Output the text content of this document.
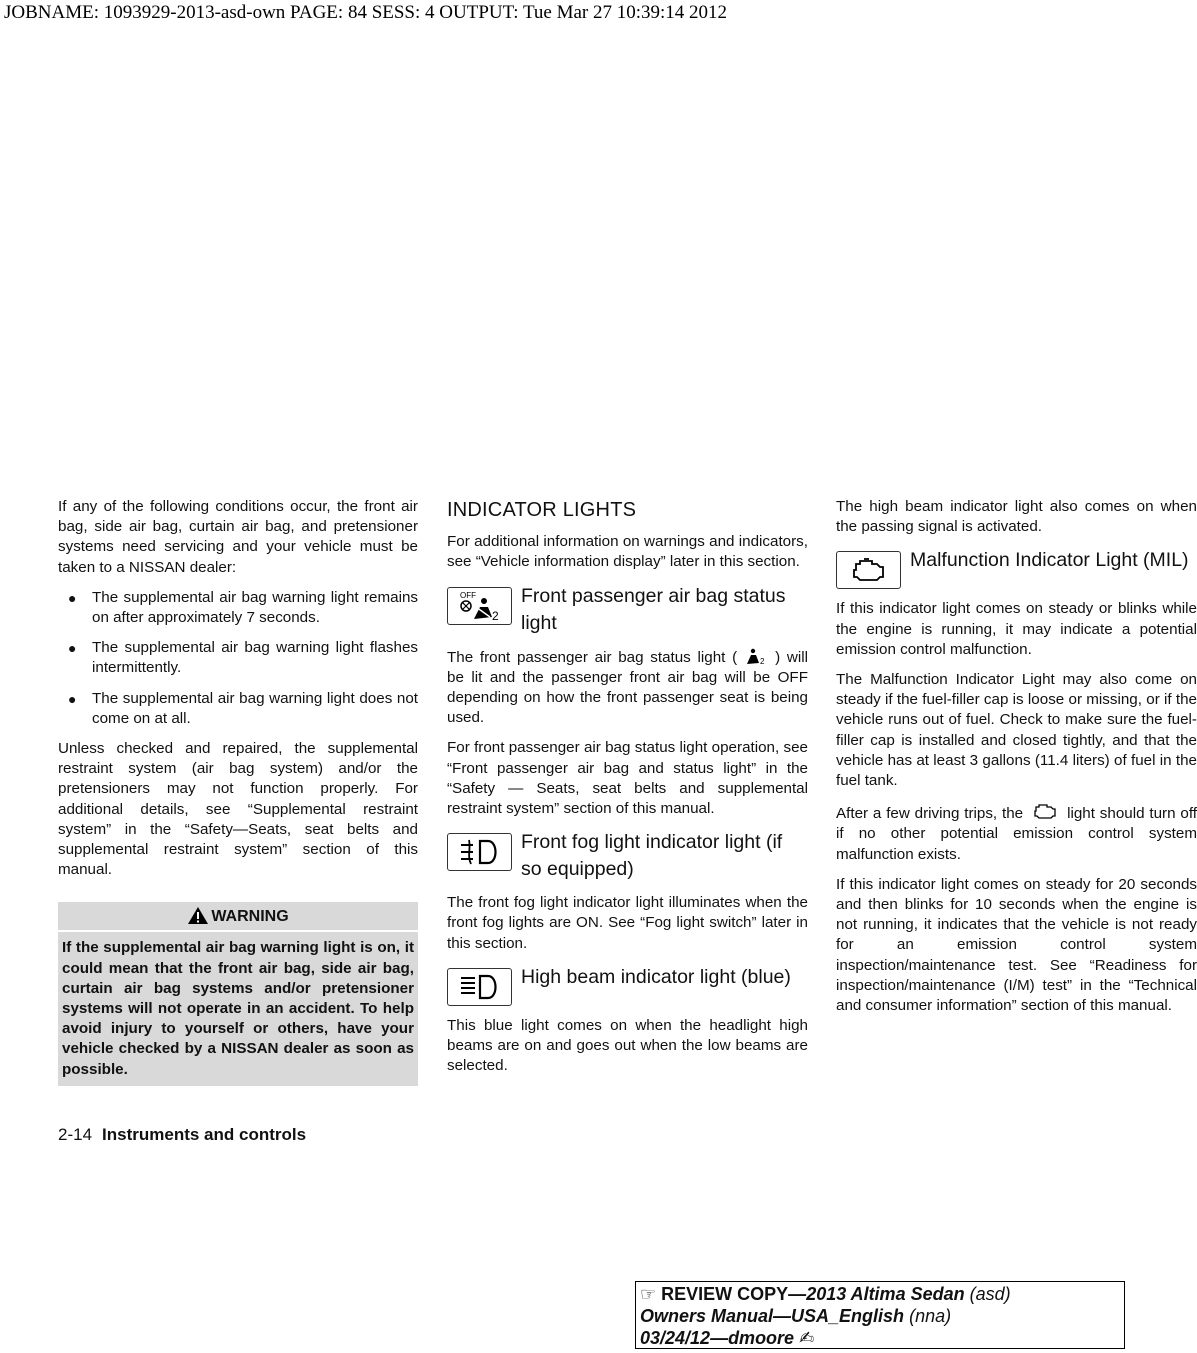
JOBNAME: 1093929-2013-asd-own PAGE: 84 SESS: 4 OUTPUT: Tue Mar 27 10:39:14 2012

If any of the following conditions occur, the front air bag, side air bag, curtain air bag, and pretensioner systems need servicing and your vehicle must be taken to a NISSAN dealer:

● The supplemental air bag warning light remains on after approximately 7 seconds.
● The supplemental air bag warning light flashes intermittently.
● The supplemental air bag warning light does not come on at all.

Unless checked and repaired, the supplemental restraint system (air bag system) and/or the pretensioners may not function properly. For additional details, see “Supplemental restraint system” in the “Safety—Seats, seat belts and supplemental restraint system” section of this manual.

WARNING
If the supplemental air bag warning light is on, it could mean that the front air bag, side air bag, curtain air bag systems and/or pretensioner systems will not operate in an accident. To help avoid injury to yourself or others, have your vehicle checked by a NISSAN dealer as soon as possible.
INDICATOR LIGHTS

For additional information on warnings and indicators, see “Vehicle information display” later in this section.

OFF
2
Front passenger air bag status light

The front passenger air bag status light (	2 ) will be lit and the passenger front air bag will be OFF depending on how the front passenger seat is being used.

For front passenger air bag status light operation, see “Front passenger air bag and status light” in the “Safety — Seats, seat belts and supplemental restraint system” section of this manual.

Front fog light indicator light (if so equipped)

The front fog light indicator light illuminates when the front fog lights are ON. See “Fog light switch” later in this section.

High beam indicator light (blue)

This blue light comes on when the headlight high beams are on and goes out when the low beams are selected.

The high beam indicator light also comes on when the passing signal is activated.

Malfunction Indicator Light (MIL)

If this indicator light comes on steady or blinks while the engine is running, it may indicate a potential emission control malfunction.

The Malfunction Indicator Light may also come on steady if the fuel-filler cap is loose or missing, or if the vehicle runs out of fuel. Check to make sure the fuel-filler cap is installed and closed tightly, and that the vehicle has at least 3 gallons (11.4 liters) of fuel in the fuel tank.

After a few driving trips, the	light should turn off if no other potential emission control system malfunction exists.

If this indicator light comes on steady for 20 seconds and then blinks for 10 seconds when the engine is not running, it indicates that the vehicle is not ready for an emission control system inspection/maintenance test. See “Readiness for inspection/maintenance (I/M) test” in the “Technical and consumer information” section of this manual.

2-14 Instruments and controls
☞ REVIEW COPY—2013 Altima Sedan (asd)
Owners Manual—USA_English (nna)
03/24/12—dmoore ✍
